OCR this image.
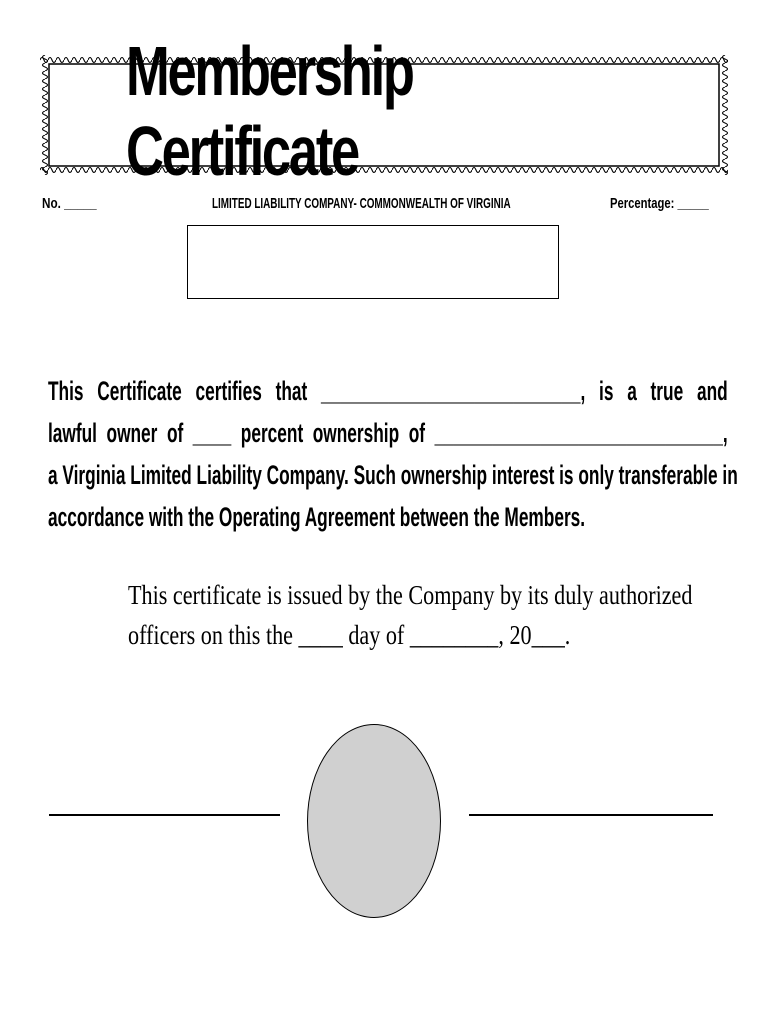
Membership Certificate
No. _____	LIMITED LIABILITY COMPANY- COMMONWEALTH OF VIRGINIA	Percentage: _____
This Certificate certifies that ___________________________, is a true and
lawful owner of ____ percent ownership of ______________________________,
a Virginia Limited Liability Company. Such ownership interest is only transferable in
accordance with the Operating Agreement between the Members.
This certificate is issued by the Company by its duly authorized
officers on this the ____ day of ________, 20___.
